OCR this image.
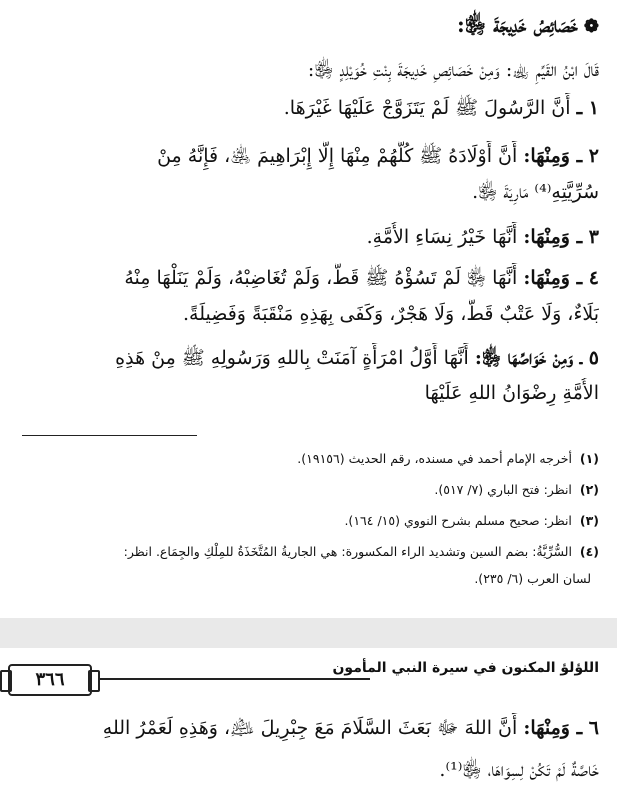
❁خَصَائِصُ خَدِيجَةَ ﵂:
قَالَ ابْنُ القَيِّمِ ﵀: وَمِنْ خَصَائِصِ خَدِيجَةَ بِنْتِ خُوَيْلِدٍ ﵂:
١ ـ أَنَّ الرَّسُولَ ﷺ لَمْ يَتَزَوَّجْ عَلَيْهَا غَيْرَهَا.
٢ ـ وَمِنْهَا: أَنَّ أَوْلَادَهُ ﷺ كُلَّهُمْ مِنْهَا إِلَّا إِبْرَاهِيمَ ﵁، فَإِنَّهُ مِنْ
سُرِّيَّتِهِ⁽⁴⁾ مَارِيَةَ ﵂.
٣ ـ وَمِنْهَا: أَنَّهَا خَيْرُ نِسَاءِ الأُمَّةِ.
٤ ـ وَمِنْهَا: أَنَّهَا ﵂ لَمْ تَسُؤْهُ ﷺ قَطُّ، وَلَمْ تُغَاضِبْهُ، وَلَمْ يَنَلْهَا مِنْهُ
بَلَاءٌ، وَلَا عَتْبٌ قَطُّ، وَلَا هَجْرٌ، وَكَفَى بِهَذِهِ مَنْقَبَةً وَفَضِيلَةً.
٥ ـ وَمِنْ خَوَاصِّهَا ﵂: أَنَّهَا أَوَّلُ امْرَأَةٍ آمَنَتْ بِاللهِ وَرَسُولِهِ ﷺ مِنْ هَذِهِ
الأُمَّةِ رِضْوَانُ اللهِ عَلَيْهَا
(١)أخرجه الإمام أحمد في مسنده، رقم الحديث (١٩١٥٦).
(٢)انظر: فتح الباري (٧/ ٥١٧).
(٣)انظر: صحيح مسلم بشرح النووي (١٥/ ١٦٤).
(٤)السُّرِّيَّةُ: بضم السين وتشديد الراء المكسورة: هي الجاريةُ المُتَّخَذَةُ للمِلْكِ والجِمَاع. انظر:
لسان العرب (٦/ ٢٣٥).
اللؤلؤ المكنون في سيرة النبي المأمون
٣٦٦
٦ ـ وَمِنْهَا: أَنَّ اللهَ ﷻ بَعَثَ السَّلَامَ مَعَ جِبْرِيلَ ﵇، وَهَذِهِ لَعَمْرُ اللهِ
خَاصَّةٌ لَمْ تَكُنْ لِسِوَاهَا، ﵂⁽¹⁾.
